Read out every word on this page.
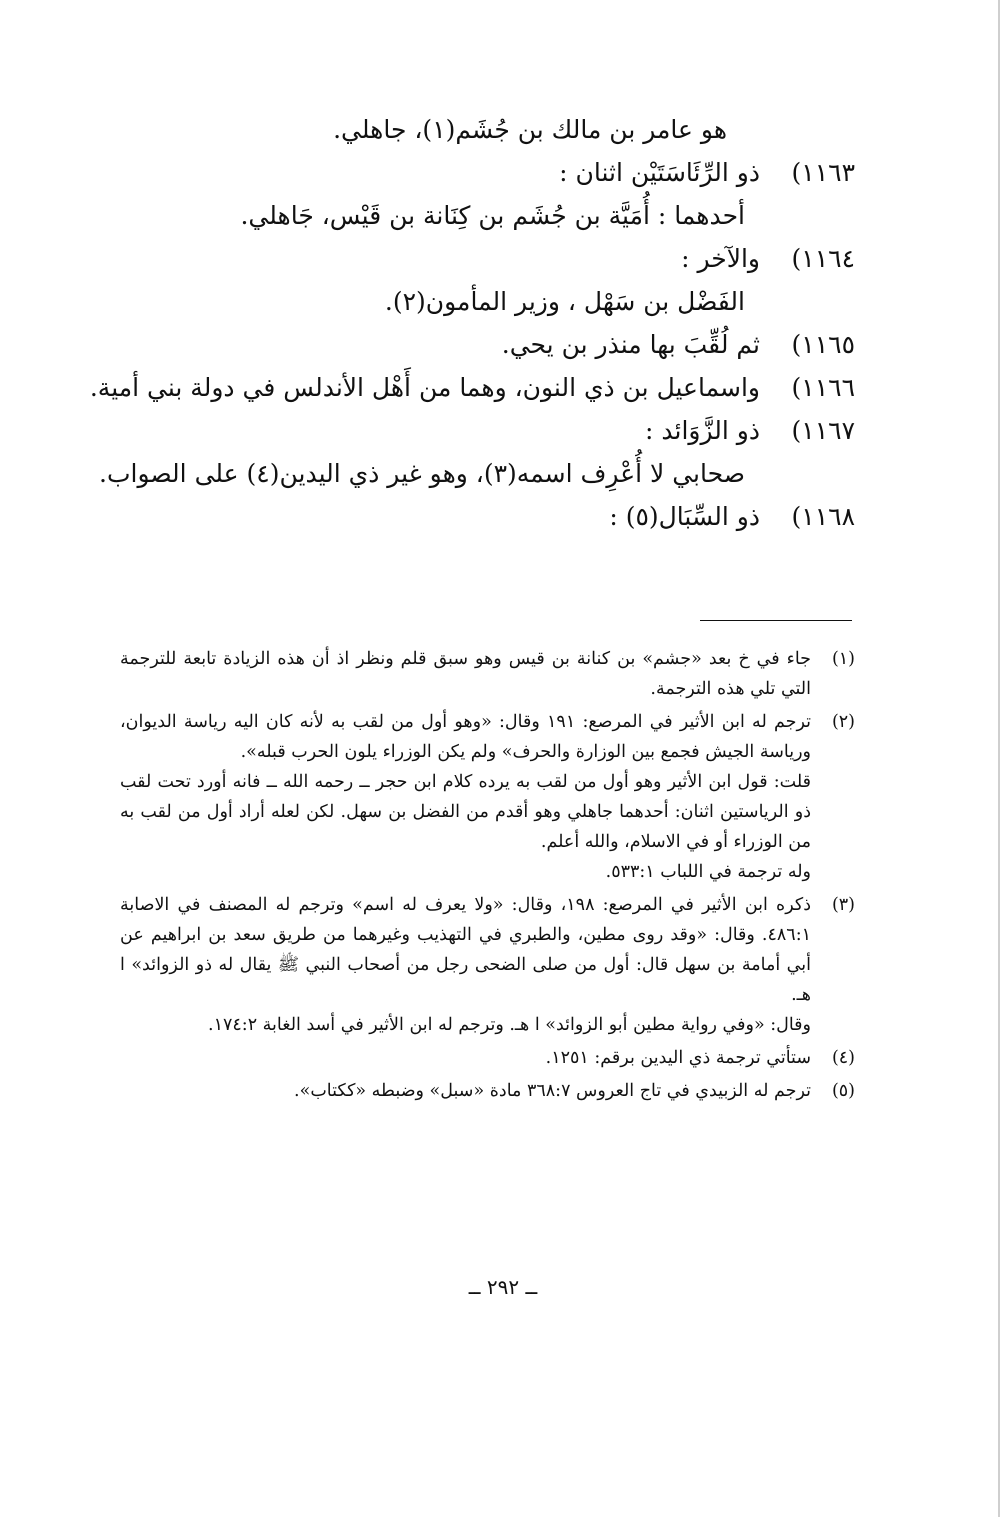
هو عامر بن مالك بن جُشَم(١)، جاهلي.
١١٦٣)ذو الرِّئَاسَتَيْن اثنان :
أحدهما : أُمَيَّة بن جُشَم بن كِنَانة بن قَيْس، جَاهلي.
١١٦٤)والآخر :
الفَضْل بن سَهْل ، وزير المأمون(٢).
١١٦٥)ثم لُقِّبَ بها منذر بن يحي.
١١٦٦)واسماعيل بن ذي النون، وهما من أَهْل الأندلس في دولة بني أمية.
١١٦٧)ذو الزَّوَائد :
صحابي لا أُعْرِف اسمه(٣)، وهو غير ذي اليدين(٤) على الصواب.
١١٦٨)ذو السِّبَال(٥) :
(١)

جاء في خ بعد «جشم» بن كنانة بن قيس وهو سبق قلم ونظر اذ أن هذه الزيادة تابعة للترجمة التي تلي هذه الترجمة.

(٢)

ترجم له ابن الأثير في المرصع: ١٩١ وقال: «وهو أول من لقب به لأنه كان اليه رياسة الديوان، ورياسة الجيش فجمع بين الوزارة والحرف» ولم يكن الوزراء يلون الحرب قبله».

قلت: قول ابن الأثير وهو أول من لقب به يرده كلام ابن حجر ــ رحمه الله ــ فانه أورد تحت لقب ذو الرياستين اثنان: أحدهما جاهلي وهو أقدم من الفضل بن سهل. لكن لعله أراد أول من لقب به من الوزراء أو في الاسلام، والله أعلم.

وله ترجمة في اللباب ٥٣٣:١.

(٣)

ذكره ابن الأثير في المرصع: ١٩٨، وقال: «ولا يعرف له اسم» وترجم له المصنف في الاصابة ٤٨٦:١. وقال: «وقد روى مطين، والطبري في التهذيب وغيرهما من طريق سعد بن ابراهيم عن أبي أمامة بن سهل قال: أول من صلى الضحى رجل من أصحاب النبي ﷺ يقال له ذو الزوائد» ا هـ.

وقال: «وفي رواية مطين أبو الزوائد» ا هـ. وترجم له ابن الأثير في أسد الغابة ١٧٤:٢.

(٤)

ستأتي ترجمة ذي اليدين برقم: ١٢٥١.

(٥)

ترجم له الزبيدي في تاج العروس ٣٦٨:٧ مادة «سبل» وضبطه «ككتاب».

ــ ٢٩٢ ــ
